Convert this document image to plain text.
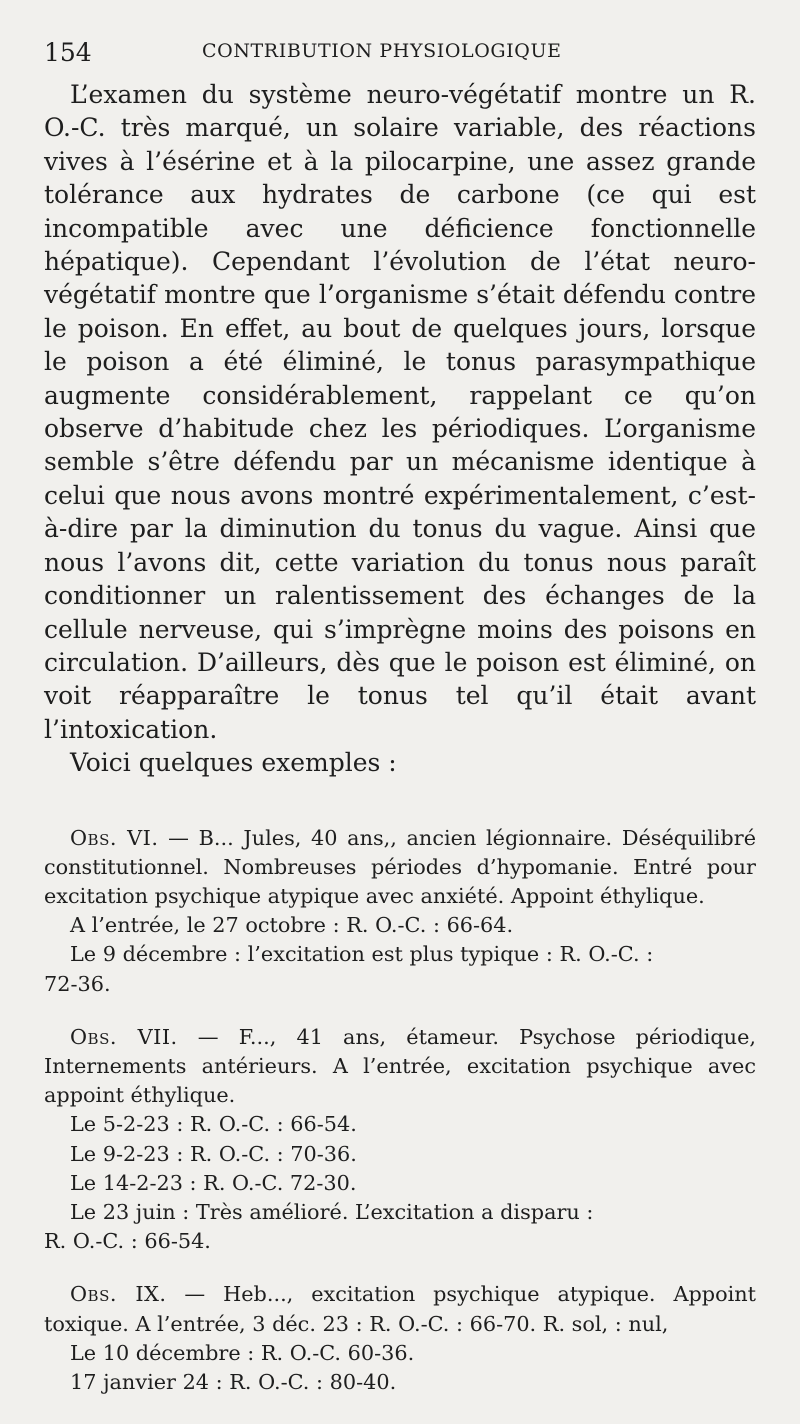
154	CONTRIBUTION PHYSIOLOGIQUE

L’examen du système neuro-végétatif montre un R. O.-C. très marqué, un solaire variable, des réactions vives à l’ésérine et à la pilocarpine, une assez grande tolérance aux hydrates de carbone (ce qui est incompatible avec une déficience fonctionnelle hépatique). Cependant l’évolution de l’état neuro-végétatif montre que l’organisme s’était défendu contre le poison. En effet, au bout de quelques jours, lorsque le poison a été éliminé, le tonus parasympathique augmente considérablement, rappelant ce qu’on observe d’habitude chez les périodiques. L’organisme semble s’être défendu par un mécanisme identique à celui que nous avons montré expérimentalement, c’est-à-dire par la diminution du tonus du vague. Ainsi que nous l’avons dit, cette variation du tonus nous paraît conditionner un ralentissement des échanges de la cellule nerveuse, qui s’imprègne moins des poisons en circulation. D’ailleurs, dès que le poison est éliminé, on voit réapparaître le tonus tel qu’il était avant l’intoxication.

Voici quelques exemples :

Obs. VI. — B... Jules, 40 ans,, ancien légionnaire. Déséquilibré constitutionnel. Nombreuses périodes d’hypomanie. Entré pour excitation psychique atypique avec anxiété. Appoint éthylique.

A l’entrée, le 27 octobre : R. O.-C. : 66-64.

Le 9 décembre : l’excitation est plus typique : R. O.-C. :

72-36.

Obs. VII. — F..., 41 ans, étameur. Psychose périodique, Internements antérieurs. A l’entrée, excitation psychique avec appoint éthylique.

Le 5-2-23 : R. O.-C. : 66-54.

Le 9-2-23 : R. O.-C. : 70-36.

Le 14-2-23 : R. O.-C. 72-30.

Le 23 juin : Très amélioré. L’excitation a disparu :

R. O.-C. : 66-54.

Obs. IX. — Heb..., excitation psychique atypique. Appoint toxique. A l’entrée, 3 déc. 23 : R. O.-C. : 66-70. R. sol, : nul,

Le 10 décembre : R. O.-C. 60-36.

17 janvier 24 : R. O.-C. : 80-40.
